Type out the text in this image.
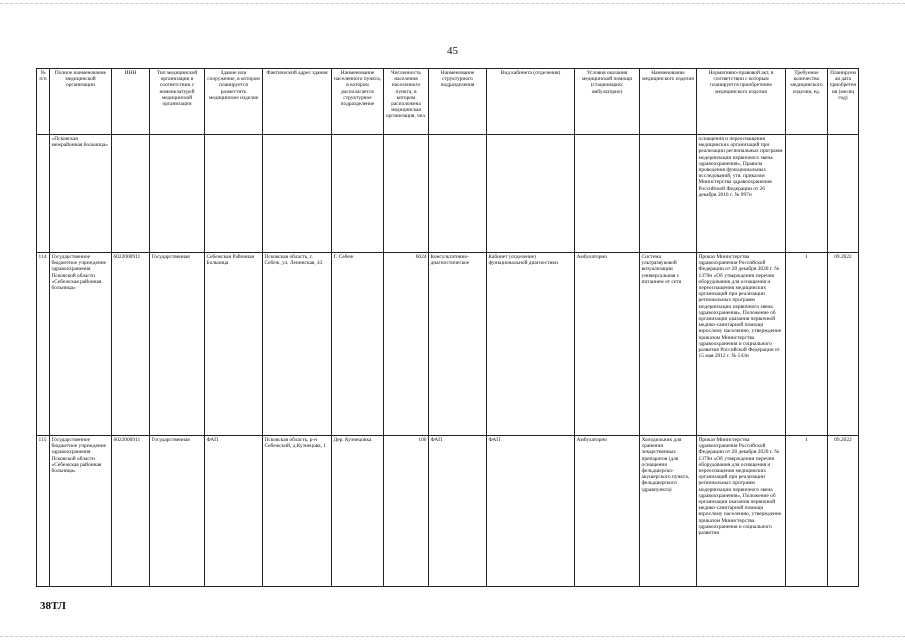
45
№ п/п	Полное наименование медицинской организации	ИНН	Тип медицинской организации в соответствии с номенклатурой медицинской организации	Здание или сооружение, в котором планируется разместить медицинское изделие	Фактический адрес здания	Наименование населенного пункта, в котором располагается структурное подразделение	Численность населения населенного пункта, в котором расположена медицинская организация, чел.	Наименование структурного подразделения	Вид кабинета (отделения)	Условия оказания медицинской помощи (стационарно/ амбулаторно)	Наименование медицинского изделия	Нормативно-правовой акт, в соответствии с которым планируется приобретение медицинского изделия	Требуемое количество медицинского изделия, ед.	Планируемая дата приобретения (месяц год)
	«Псковская межрайонная больница»											оснащения и переоснащения медицинских организаций при реализации региональных программ модернизации первичного звена здравоохранения», Правила проведения функциональных исследований, утв. приказом Министерства здравоохранения Российской Федерации от 26 декабря 2016 г. № 997н		
114	Государственное бюджетное учреждение здравоохранения Псковской области «Себежская районная больница»	6022000911	Государственная	Себежская Районная Больница	Псковская область, г. Себеж, ул. Ленинская, 43	Г. Себеж	6024	Консультативно-диагностическое	Кабинет (отделение) функциональной диагностики	Амбулаторно	Система ультразвуковой визуализации универсальная с питанием от сети	Приказ Министерства здравоохранения Российской Федерации от 28 декабря 2020 г. № 1379н «Об утверждении перечня оборудования для оснащения и переоснащения медицинских организаций при реализации региональных программ модернизации первичного звена здравоохранения», Положение об организации оказания первичной медико-санитарной помощи взрослому населению, утверждение приказом Министерства здравоохранения и социального развития Российской Федерации от 15 мая 2012 г. № 543н	1	09.2022
115	Государственное бюджетное учреждение здравоохранения Псковской области «Себежская районная больница»	6022000911	Государственная	ФАП	Псковская область, р-н Себежский, д.Кузнецова, 1	Дер. Кузнецовка	100	ФАП	ФАП	Амбулаторно	Холодильник для хранения лекарственных препаратов (для оснащения фельдшерско-акушерского пункта, фельдшерского здравпункта)	Приказ Министерства здравоохранения Российской Федерации от 28 декабря 2020 г. № 1379н «Об утверждении перечня оборудования для оснащения и переоснащения медицинских организаций при реализации региональных программ модернизации первичного звена здравоохранения», Положение об организации оказания первичной медико-санитарной помощи взрослому населению, утверждение приказом Министерства здравоохранения и социального развития	1	09.2022
38ТЛ
